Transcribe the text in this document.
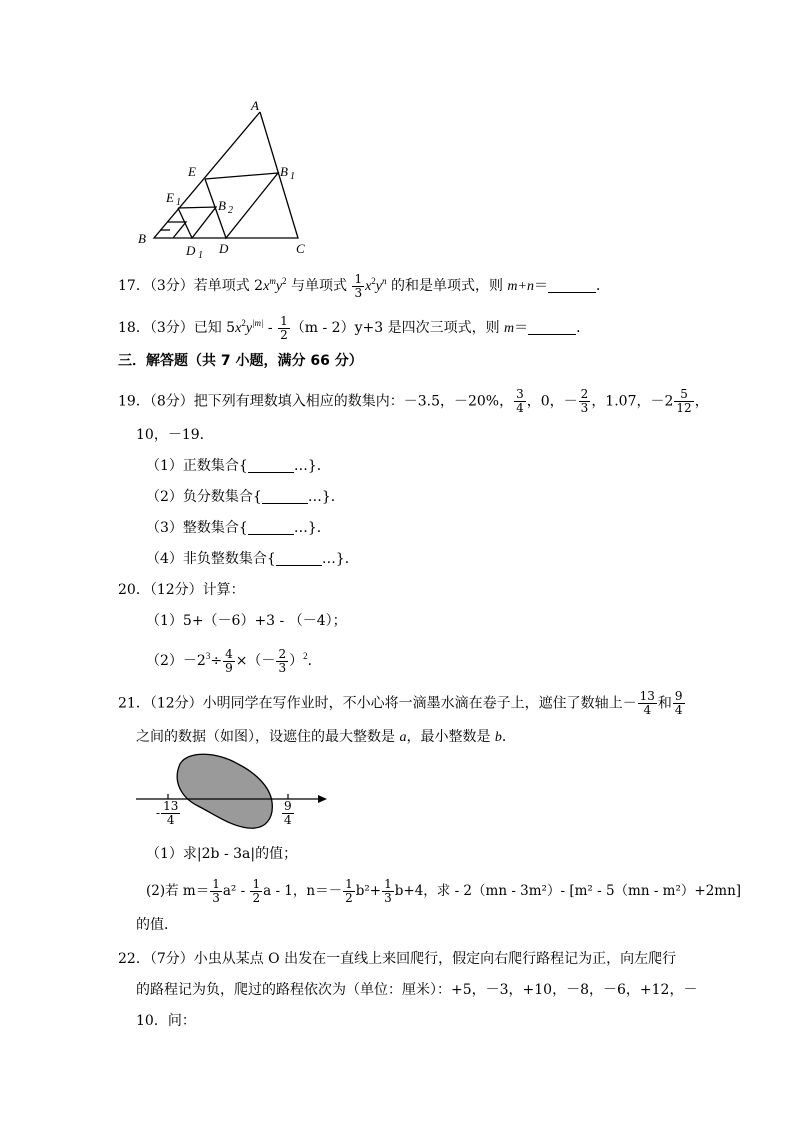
A
E	B 1
E 1	B 2
B
D 1 D	C
17．（3分）若单项式 $2x^my^2$ 与单项式 $\frac{1}{3} x^2y^n$ 的和是单项式，则 m+n＝	．
18．（3分）已知 $5x^2y^{|m|} - \frac{1}{2} (m - 2)y+3$ 是四次三项式，则 m＝	．
三．解答题（共 7 小题，满分 66 分）
19．（8分）把下列有理数填入相应的数集内：－3.5，－20%， $\frac{3}{4}$ ，0，－ $\frac{2}{3}$ ，1.07，$-2 \frac{5}{12}$ ，
10，－19．
（1）正数集合{	…}．
（2）负分数集合{	…}．
（3）整数集合{	…}．
（4）非负整数集合{	…}．
20．（12分）计算：
（1）5+（－6）+3 - （－4）；
$(2)-2^3\div \frac{4}{9}$ ×（－ $\frac{2}{3} )^2$．
21．（12分）小明同学在写作业时，不小心将一滴墨水滴在卷子上，遮住了数轴上－ $\frac{13}{4}$ 和 $\frac{9}{4}$
之间的数据（如图），设遮住的最大整数是 a，最小整数是 b．
- $\frac{13}{4}$	$\frac{9}{4}$
（1）求|2b - 3a|的值；
(2)若 $m= \frac{1}{3} a^2 - \frac{1}{2}$ a - 1，$n=- \frac{1}{2} b^2+ \frac{1}{3} b+4$，求 - 2（mn - 3m²）- [m² - 5（mn - m²）+2mn]
的值．
22．（7分）小虫从某点 O 出发在一直线上来回爬行，假定向右爬行路程记为正，向左爬行
的路程记为负，爬过的路程依次为（单位：厘米）：+5，－3，+10，－8，－6，+12，－
10．问：
